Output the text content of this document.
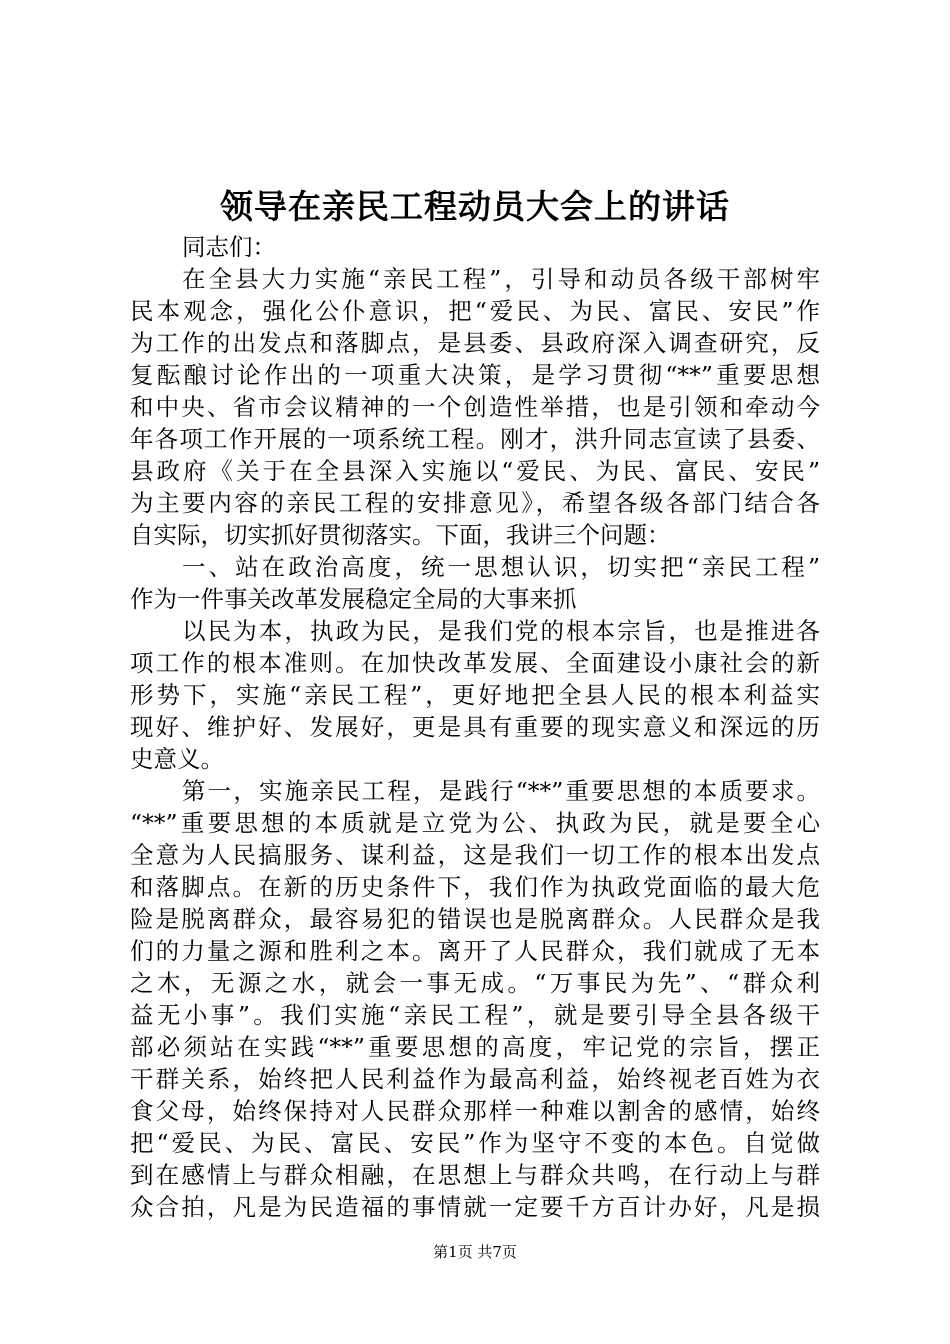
领导在亲民工程动员大会上的讲话
同志们：
在全县大力实施“亲民工程”，引导和动员各级干部树牢
民本观念，强化公仆意识，把“爱民、为民、富民、安民”作
为工作的出发点和落脚点，是县委、县政府深入调查研究，反
复酝酿讨论作出的一项重大决策，是学习贯彻“**”重要思想
和中央、省市会议精神的一个创造性举措，也是引领和牵动今
年各项工作开展的一项系统工程。刚才，洪升同志宣读了县委、
县政府《关于在全县深入实施以“爱民、为民、富民、安民”
为主要内容的亲民工程的安排意见》，希望各级各部门结合各
自实际，切实抓好贯彻落实。下面，我讲三个问题：
一、站在政治高度，统一思想认识，切实把“亲民工程”
作为一件事关改革发展稳定全局的大事来抓
以民为本，执政为民，是我们党的根本宗旨，也是推进各
项工作的根本准则。在加快改革发展、全面建设小康社会的新
形势下，实施“亲民工程”，更好地把全县人民的根本利益实
现好、维护好、发展好，更是具有重要的现实意义和深远的历
史意义。
第一，实施亲民工程，是践行“**”重要思想的本质要求。
“**”重要思想的本质就是立党为公、执政为民，就是要全心
全意为人民搞服务、谋利益，这是我们一切工作的根本出发点
和落脚点。在新的历史条件下，我们作为执政党面临的最大危
险是脱离群众，最容易犯的错误也是脱离群众。人民群众是我
们的力量之源和胜利之本。离开了人民群众，我们就成了无本
之木，无源之水，就会一事无成。“万事民为先”、“群众利
益无小事”。我们实施“亲民工程”，就是要引导全县各级干
部必须站在实践“**”重要思想的高度，牢记党的宗旨，摆正
干群关系，始终把人民利益作为最高利益，始终视老百姓为衣
食父母，始终保持对人民群众那样一种难以割舍的感情，始终
把“爱民、为民、富民、安民”作为坚守不变的本色。自觉做
到在感情上与群众相融，在思想上与群众共鸣，在行动上与群
众合拍，凡是为民造福的事情就一定要千方百计办好，凡是损
第1页 共7页
